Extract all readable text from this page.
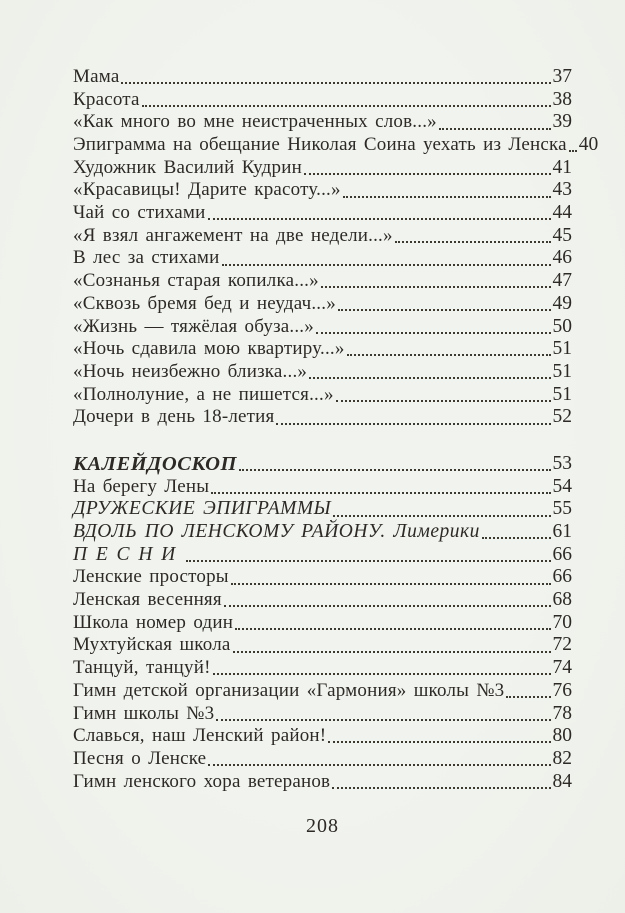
Мама	37
Красота	38
«Как много во мне неистраченных слов...»	39
Эпиграмма на обещание Николая Соина уехать из Ленска 40
Художник Василий Кудрин	41
«Красавицы! Дарите красоту...»	43
Чай со стихами	44
«Я взял ангажемент на две недели...»	45
В лес за стихами	46
«Сознанья старая копилка...»	47
«Сквозь бремя бед и неудач...»	49
«Жизнь — тяжёлая обуза...»	50
«Ночь сдавила мою квартиру...»	51
«Ночь неизбежно близка...»	51
«Полнолуние, а не пишется...»	51
Дочери в день 18-летия	52
КАЛЕЙДОСКОП	53
На берегу Лены	54
ДРУЖЕСКИЕ ЭПИГРАММЫ	55
ВДОЛЬ ПО ЛЕНСКОМУ РАЙОНУ. Лимерики	61
ПЕСНИ	66
Ленские просторы	66
Ленская весенняя	68
Школа номер один	70
Мухтуйская школа	72
Танцуй, танцуй!	74
Гимн детской организации «Гармония» школы №3 76
Гимн школы №3	78
Славься, наш Ленский район!	80
Песня о Ленске	82
Гимн ленского хора ветеранов	84
208
